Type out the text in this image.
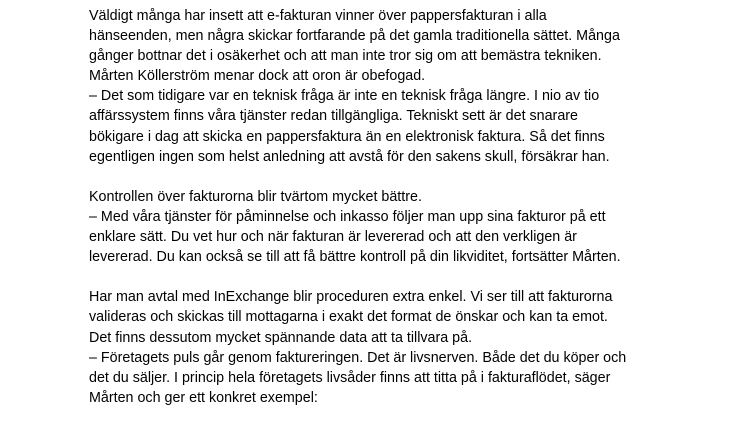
Väldigt många har insett att e-fakturan vinner över pappersfakturan i alla
hänseenden, men några skickar fortfarande på det gamla traditionella sättet. Många
gånger bottnar det i osäkerhet och att man inte tror sig om att bemästra tekniken.
Mårten Köllerström menar dock att oron är obefogad.
– Det som tidigare var en teknisk fråga är inte en teknisk fråga längre. I nio av tio
affärssystem finns våra tjänster redan tillgängliga. Tekniskt sett är det snarare
bökigare i dag att skicka en pappersfaktura än en elektronisk faktura. Så det finns
egentligen ingen som helst anledning att avstå för den sakens skull, försäkrar han.
Kontrollen över fakturorna blir tvärtom mycket bättre.
– Med våra tjänster för påminnelse och inkasso följer man upp sina fakturor på ett
enklare sätt. Du vet hur och när fakturan är levererad och att den verkligen är
levererad. Du kan också se till att få bättre kontroll på din likviditet, fortsätter Mårten.
Har man avtal med InExchange blir proceduren extra enkel. Vi ser till att fakturorna
valideras och skickas till mottagarna i exakt det format de önskar och kan ta emot.
Det finns dessutom mycket spännande data att ta tillvara på.
– Företagets puls går genom faktureringen. Det är livsnerven. Både det du köper och
det du säljer. I princip hela företagets livsåder finns att titta på i fakturaflödet, säger
Mårten och ger ett konkret exempel:
